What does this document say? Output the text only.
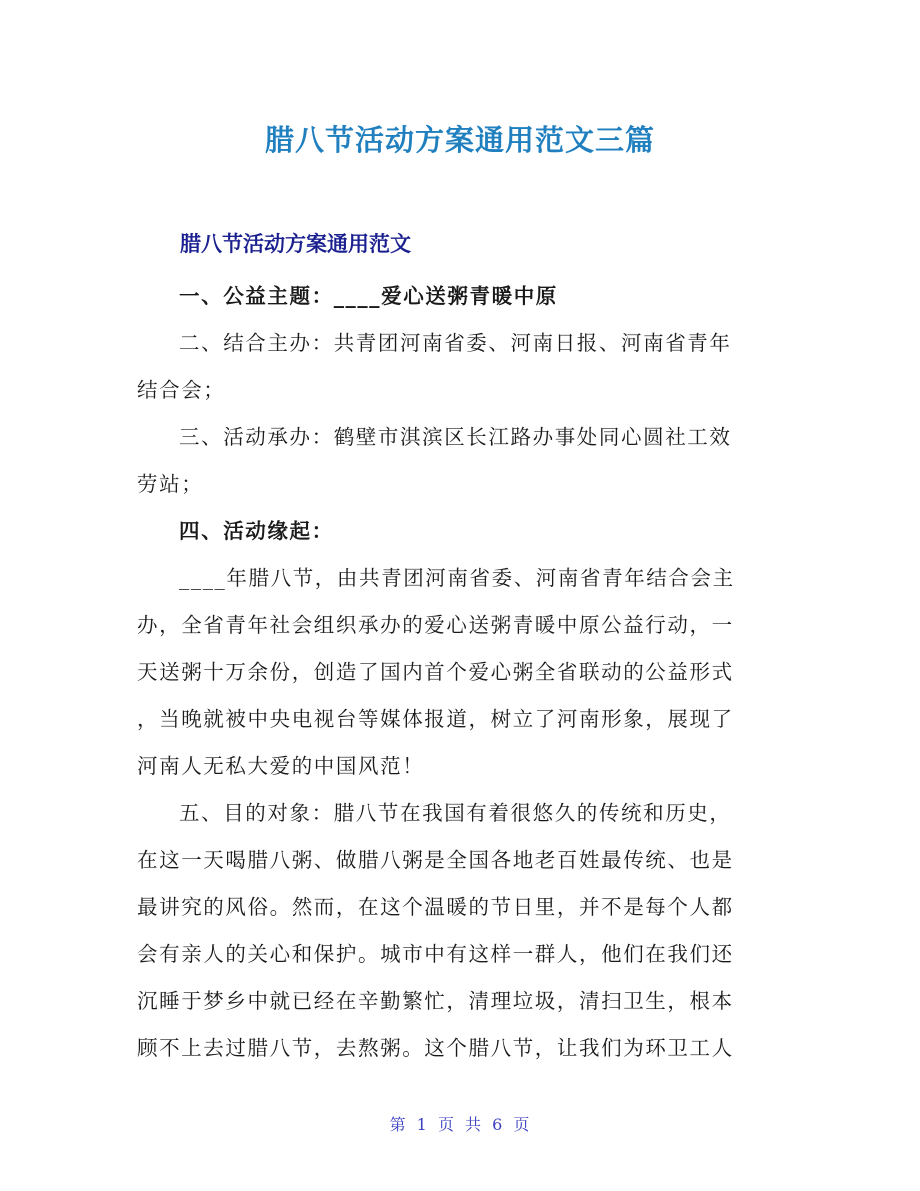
腊八节活动方案通用范文三篇
腊八节活动方案通用范文
一、公益主题：____爱心送粥青暖中原
二、结合主办：共青团河南省委、河南日报、河南省青年
结合会；
三、活动承办：鹤壁市淇滨区长江路办事处同心圆社工效
劳站；
四、活动缘起：
____年腊八节，由共青团河南省委、河南省青年结合会主
办，全省青年社会组织承办的爱心送粥青暖中原公益行动，一
天送粥十万余份，创造了国内首个爱心粥全省联动的公益形式
，当晚就被中央电视台等媒体报道，树立了河南形象，展现了
河南人无私大爱的中国风范！
五、目的对象：腊八节在我国有着很悠久的传统和历史，
在这一天喝腊八粥、做腊八粥是全国各地老百姓最传统、也是
最讲究的风俗。然而，在这个温暖的节日里，并不是每个人都
会有亲人的关心和保护。城市中有这样一群人，他们在我们还
沉睡于梦乡中就已经在辛勤繁忙，清理垃圾，清扫卫生，根本
顾不上去过腊八节，去熬粥。这个腊八节，让我们为环卫工人
第 1 页 共 6 页
